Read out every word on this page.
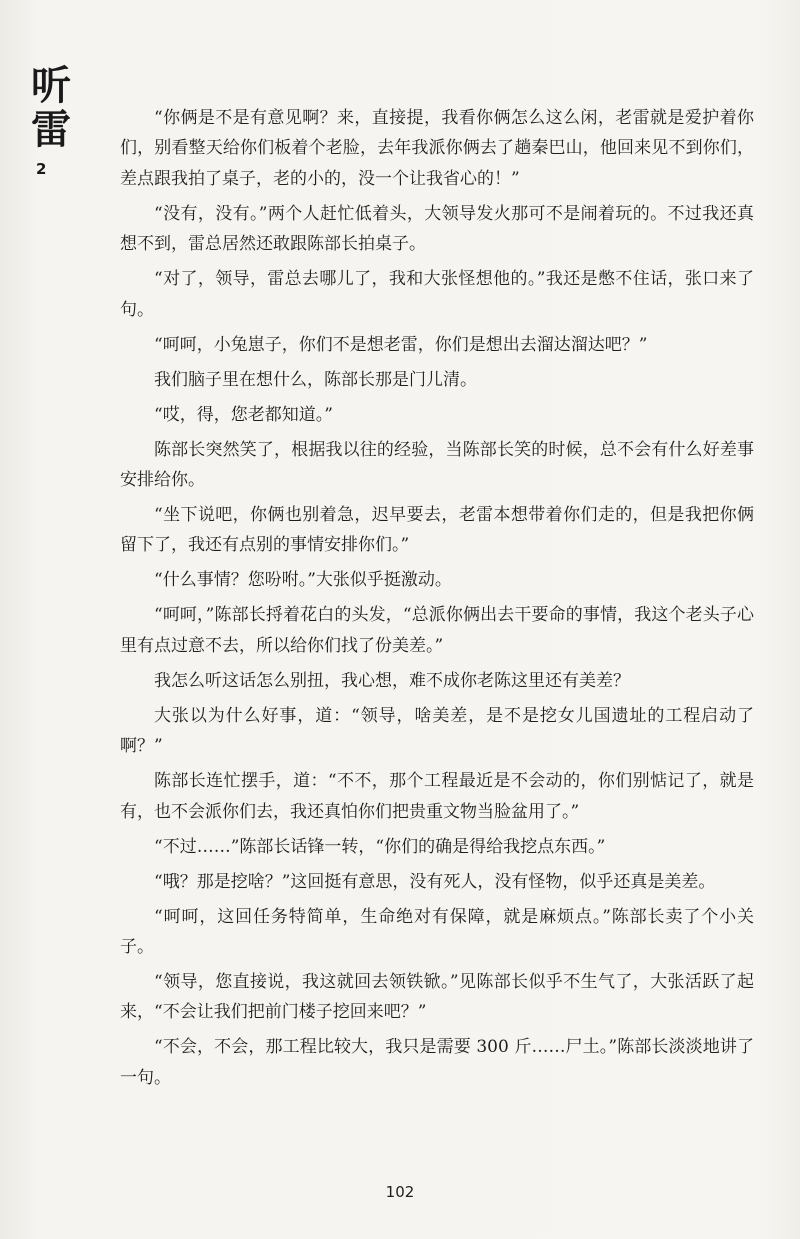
听
雷
2

“你俩是不是有意见啊？来，直接提，我看你俩怎么这么闲，老雷就是爱护着你们，别看整天给你们板着个老脸，去年我派你俩去了趟秦巴山，他回来见不到你们，差点跟我拍了桌子，老的小的，没一个让我省心的！”

“没有，没有。”两个人赶忙低着头，大领导发火那可不是闹着玩的。不过我还真想不到，雷总居然还敢跟陈部长拍桌子。

“对了，领导，雷总去哪儿了，我和大张怪想他的。”我还是憋不住话，张口来了句。

“呵呵，小兔崽子，你们不是想老雷，你们是想出去溜达溜达吧？”

我们脑子里在想什么，陈部长那是门儿清。

“哎，得，您老都知道。”

陈部长突然笑了，根据我以往的经验，当陈部长笑的时候，总不会有什么好差事安排给你。

“坐下说吧，你俩也别着急，迟早要去，老雷本想带着你们走的，但是我把你俩留下了，我还有点别的事情安排你们。”

“什么事情？您吩咐。”大张似乎挺激动。

“呵呵，”陈部长捋着花白的头发，“总派你俩出去干要命的事情，我这个老头子心里有点过意不去，所以给你们找了份美差。”

我怎么听这话怎么别扭，我心想，难不成你老陈这里还有美差？

大张以为什么好事，道：“领导，啥美差，是不是挖女儿国遗址的工程启动了啊？”

陈部长连忙摆手，道：“不不，那个工程最近是不会动的，你们别惦记了，就是有，也不会派你们去，我还真怕你们把贵重文物当脸盆用了。”

“不过……”陈部长话锋一转，“你们的确是得给我挖点东西。”

“哦？那是挖啥？”这回挺有意思，没有死人，没有怪物，似乎还真是美差。

“呵呵，这回任务特简单，生命绝对有保障，就是麻烦点。”陈部长卖了个小关子。

“领导，您直接说，我这就回去领铁锨。”见陈部长似乎不生气了，大张活跃了起来，“不会让我们把前门楼子挖回来吧？”

“不会，不会，那工程比较大，我只是需要 300 斤……尸土。”陈部长淡淡地讲了一句。

102
